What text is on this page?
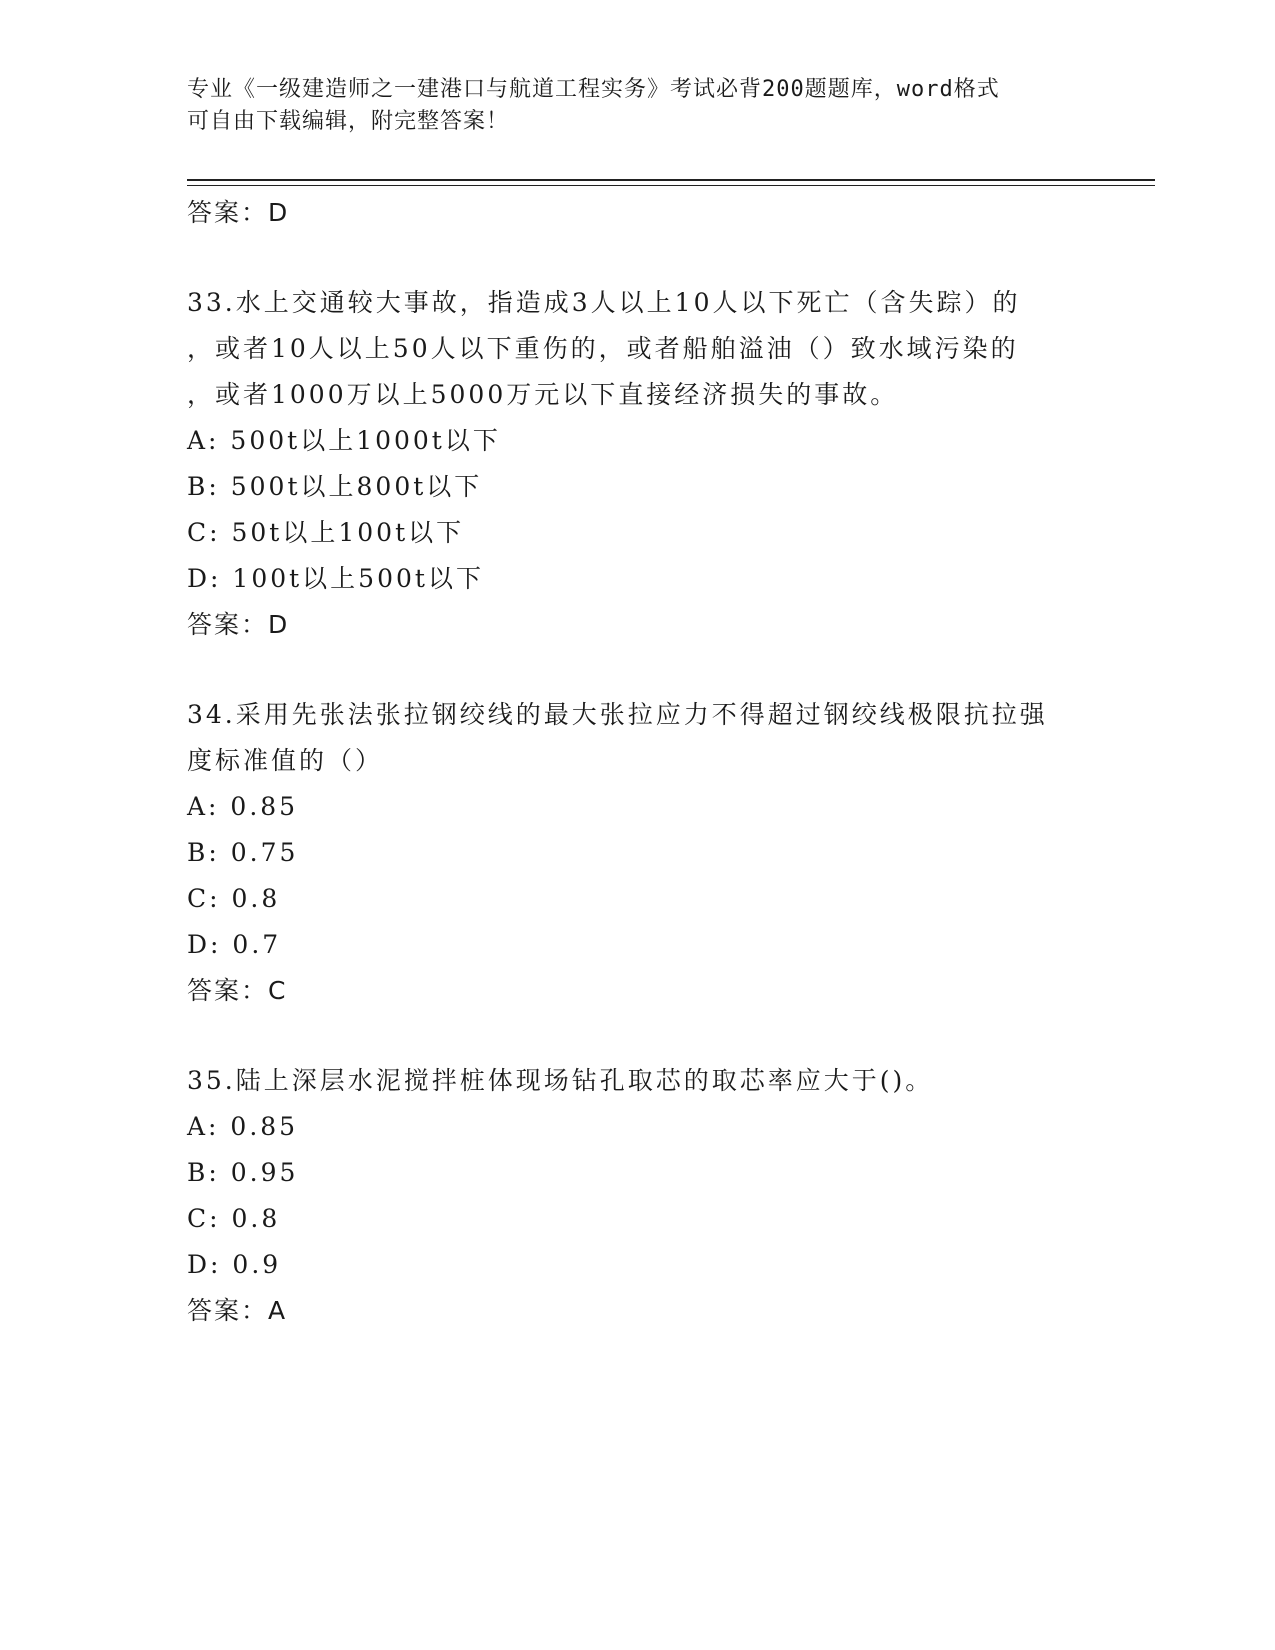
专业《一级建造师之一建港口与航道工程实务》考试必背200题题库，word格式
可自由下载编辑，附完整答案！
答案：D
33.水上交通较大事故，指造成3人以上10人以下死亡（含失踪）的
，或者10人以上50人以下重伤的，或者船舶溢油（）致水域污染的
，或者1000万以上5000万元以下直接经济损失的事故。
A: 500t以上1000t以下
B: 500t以上800t以下
C: 50t以上100t以下
D: 100t以上500t以下
答案：D
34.采用先张法张拉钢绞线的最大张拉应力不得超过钢绞线极限抗拉强
度标准值的（）
A: 0.85
B: 0.75
C: 0.8
D: 0.7
答案：C
35.陆上深层水泥搅拌桩体现场钻孔取芯的取芯率应大于()。
A: 0.85
B: 0.95
C: 0.8
D: 0.9
答案：A
